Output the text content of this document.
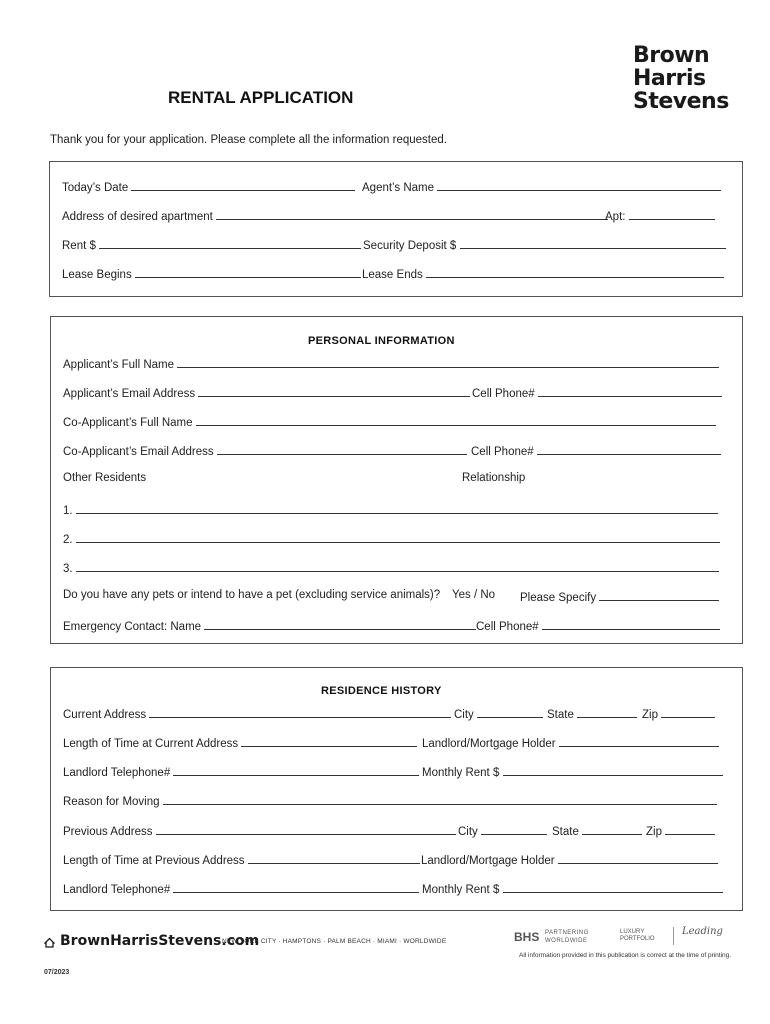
Brown
Harris
Stevens
RENTAL APPLICATION
Thank you for your application. Please complete all the information requested.
Today’s Date	Agent’s Name
Address of desired apartment	Apt:
Rent $	Security Deposit $
Lease Begins	Lease Ends
PERSONAL INFORMATION
Applicant’s Full Name
Applicant’s Email Address	Cell Phone#
Co-Applicant’s Full Name
Co-Applicant’s Email Address	Cell Phone#
Other Residents	Relationship
1.
2.
3.
Do you have any pets or intend to have a pet (excluding service animals)? Yes / No Please Specify
Emergency Contact: Name	Cell Phone#
RESIDENCE HISTORY
Current Address	City	State	Zip
Length of Time at Current Address	Landlord/Mortgage Holder
Landlord Telephone#	Monthly Rent $
Reason for Moving
Previous Address	City	State	Zip
Length of Time at Previous Address	Landlord/Mortgage Holder
Landlord Telephone#	Monthly Rent $
BrownHarrisStevens.com
NEW YORK CITY · HAMPTONS · PALM BEACH · MIAMI · WORLDWIDE	BHS PARTNERING WORLDWIDE
LUXURY PORTFOLIO
Leading
All information provided in this publication is correct at the time of printing.
07/2023
